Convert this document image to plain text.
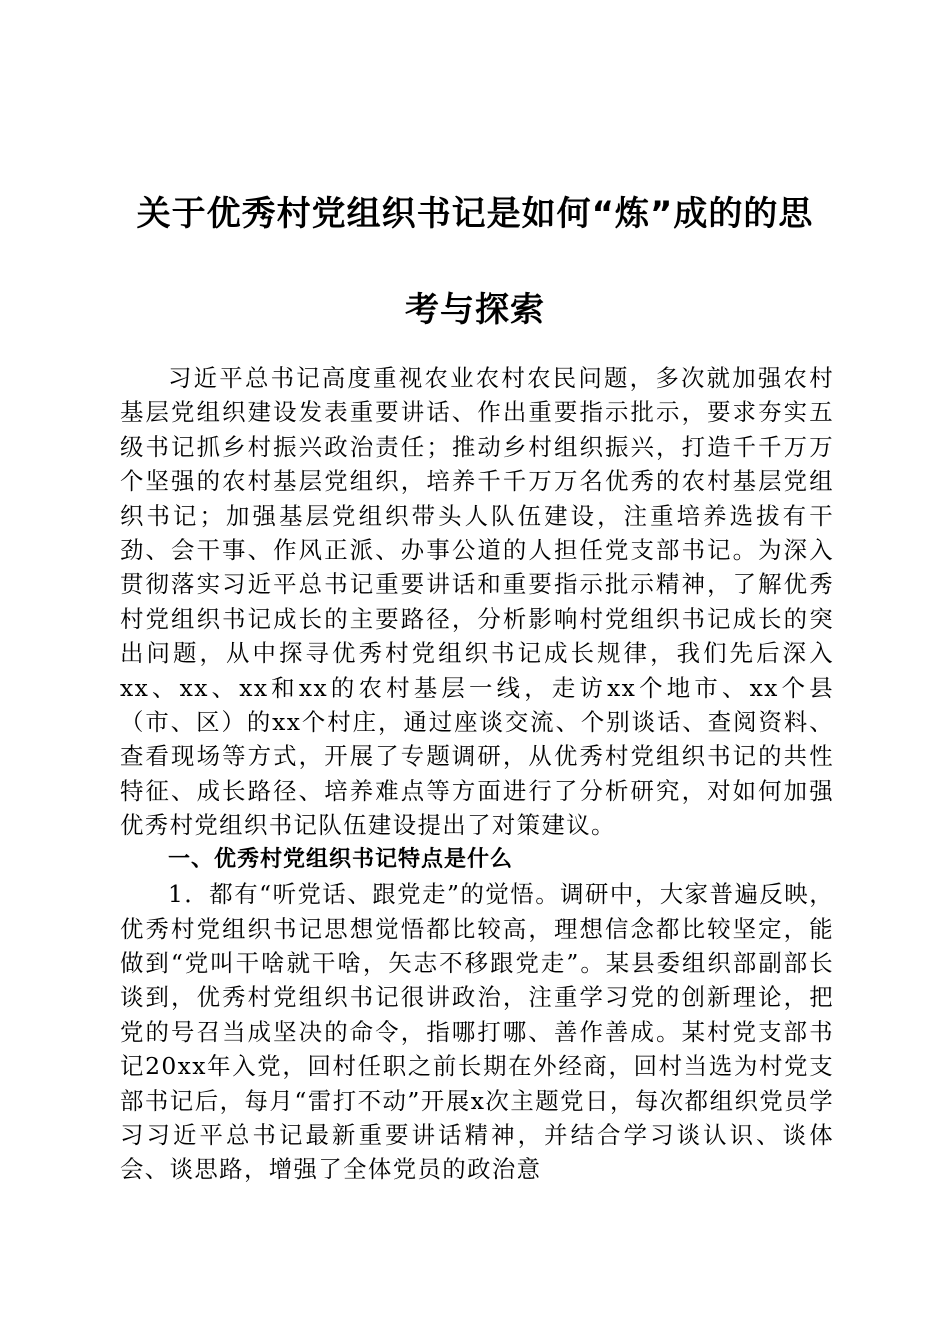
关于优秀村党组织书记是如何“炼”成的的思
考与探索

习近平总书记高度重视农业农村农民问题，多次就加强农村基层党组织建设发表重要讲话、作出重要指示批示，要求夯实五级书记抓乡村振兴政治责任；推动乡村组织振兴，打造千千万万个坚强的农村基层党组织，培养千千万万名优秀的农村基层党组织书记；加强基层党组织带头人队伍建设，注重培养选拔有干劲、会干事、作风正派、办事公道的人担任党支部书记。为深入贯彻落实习近平总书记重要讲话和重要指示批示精神，了解优秀村党组织书记成长的主要路径，分析影响村党组织书记成长的突出问题，从中探寻优秀村党组织书记成长规律，我们先后深入xx、xx、xx和xx的农村基层一线，走访xx个地市、xx个县（市、区）的xx个村庄，通过座谈交流、个别谈话、查阅资料、查看现场等方式，开展了专题调研，从优秀村党组织书记的共性特征、成长路径、培养难点等方面进行了分析研究，对如何加强优秀村党组织书记队伍建设提出了对策建议。

一、优秀村党组织书记特点是什么

1．都有“听党话、跟党走”的觉悟。调研中，大家普遍反映，优秀村党组织书记思想觉悟都比较高，理想信念都比较坚定，能做到“党叫干啥就干啥，矢志不移跟党走”。某县委组织部副部长谈到，优秀村党组织书记很讲政治，注重学习党的创新理论，把党的号召当成坚决的命令，指哪打哪、善作善成。某村党支部书记20xx年入党，回村任职之前长期在外经商，回村当选为村党支部书记后，每月“雷打不动”开展x次主题党日，每次都组织党员学习习近平总书记最新重要讲话精神，并结合学习谈认识、谈体会、谈思路，增强了全体党员的政治意
